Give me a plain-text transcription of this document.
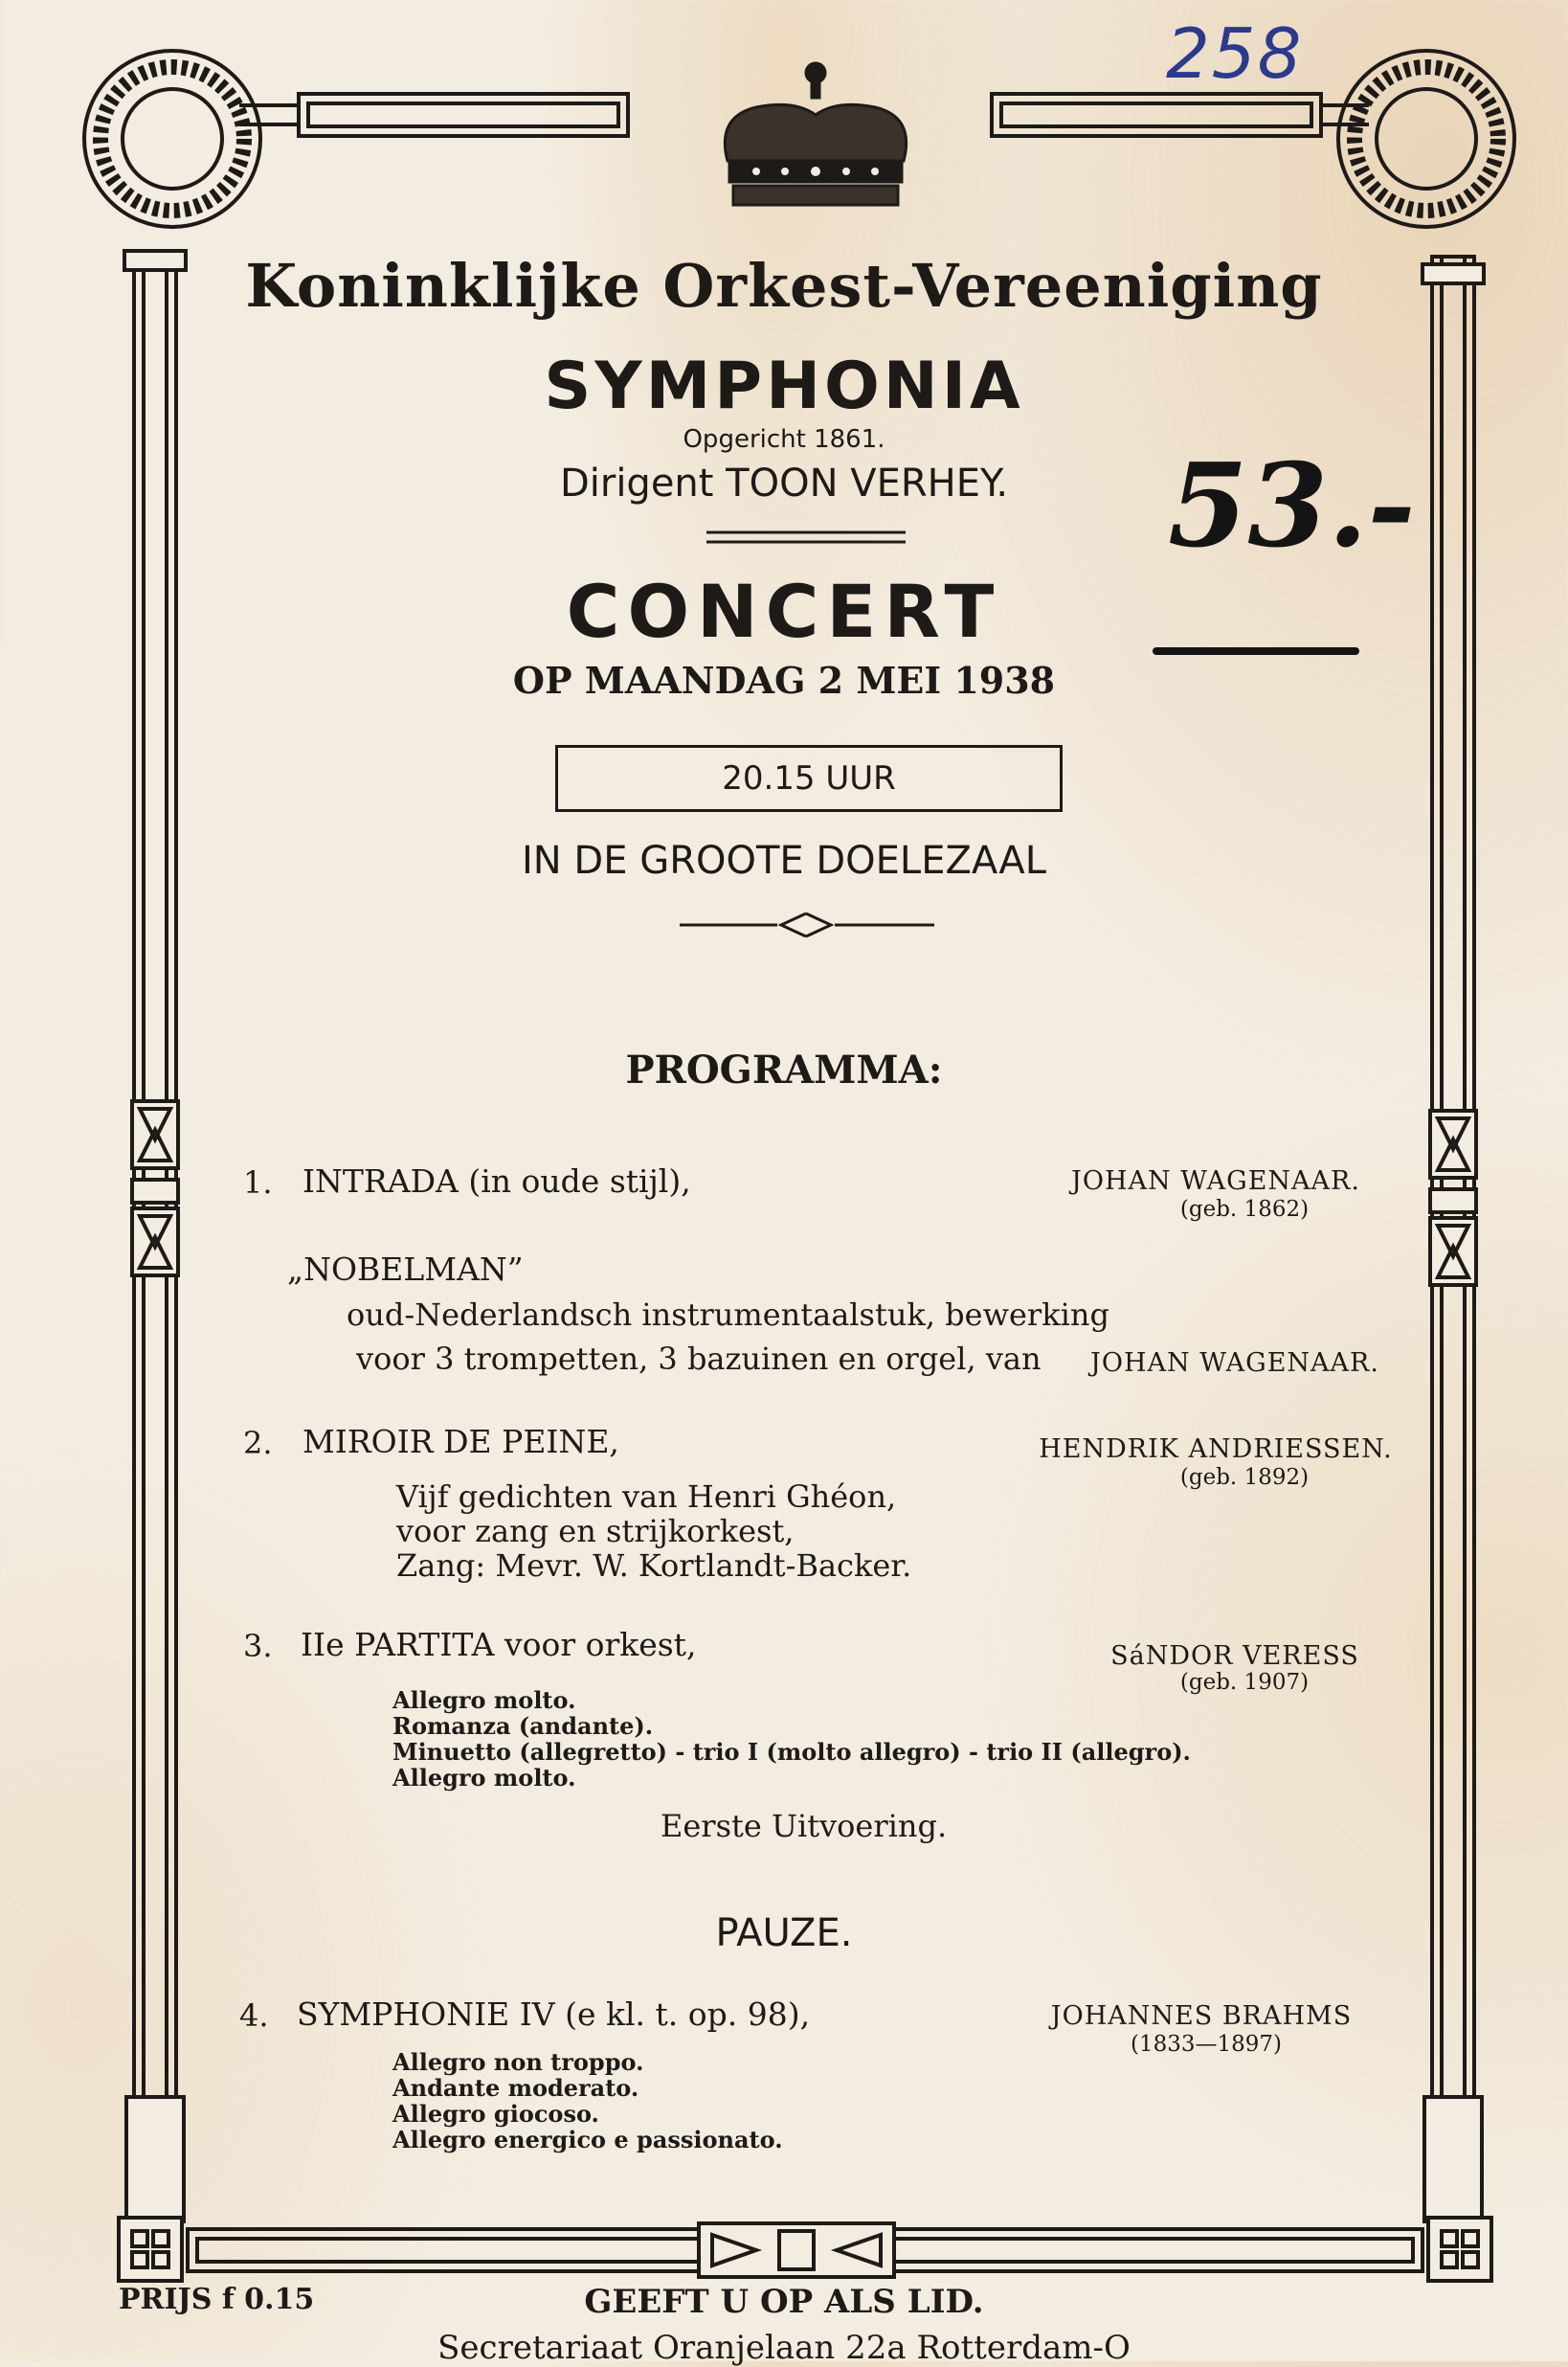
258
53.-
Koninklijke Orkest-Vereeniging
SYMPHONIA
Opgericht 1861.
Dirigent TOON VERHEY.
CONCERT
OP MAANDAG 2 MEI 1938
20.15 UUR
IN DE GROOTE DOELEZAAL
PROGRAMMA:
1. INTRADA (in oude stijl),	JOHAN WAGENAAR.
(geb. 1862)
„NOBELMAN”
oud-Nederlandsch instrumentaalstuk, bewerking
voor 3 trompetten, 3 bazuinen en orgel, van	JOHAN WAGENAAR.
2. MIROIR DE PEINE,	HENDRIK ANDRIESSEN.
(geb. 1892)
Vijf gedichten van Henri Ghéon,
voor zang en strijkorkest,
Zang: Mevr. W. Kortlandt-Backer.
3. IIe PARTITA voor orkest,	SáNDOR VERESS
(geb. 1907)
Allegro molto.
Romanza (andante).
Minuetto (allegretto) - trio I (molto allegro) - trio II (allegro).
Allegro molto.
Eerste Uitvoering.
PAUZE.
4. SYMPHONIE IV (e kl. t. op. 98),	JOHANNES BRAHMS
(1833—1897)
Allegro non troppo.
Andante moderato.
Allegro giocoso.
Allegro energico e passionato.
PRIJS f 0.15	GEEFT U OP ALS LID.
Secretariaat Oranjelaan 22a Rotterdam-O
